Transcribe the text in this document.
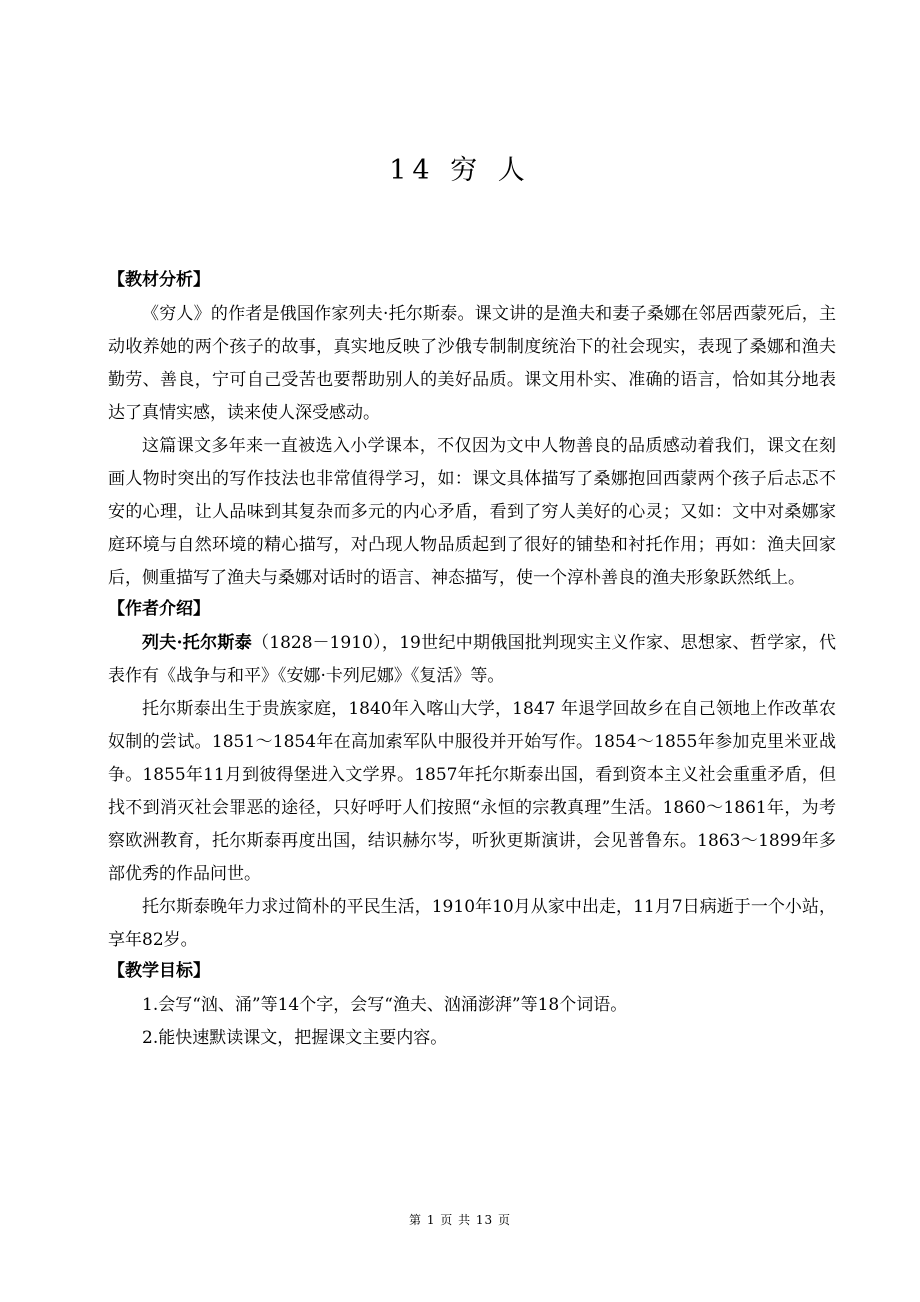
14 穷 人
【教材分析】

《穷人》的作者是俄国作家列夫·托尔斯泰。课文讲的是渔夫和妻子桑娜在邻居西蒙死后，主动收养她的两个孩子的故事，真实地反映了沙俄专制制度统治下的社会现实，表现了桑娜和渔夫勤劳、善良，宁可自己受苦也要帮助别人的美好品质。课文用朴实、准确的语言，恰如其分地表达了真情实感，读来使人深受感动。

这篇课文多年来一直被选入小学课本，不仅因为文中人物善良的品质感动着我们，课文在刻画人物时突出的写作技法也非常值得学习，如：课文具体描写了桑娜抱回西蒙两个孩子后忐忑不安的心理，让人品味到其复杂而多元的内心矛盾，看到了穷人美好的心灵；又如：文中对桑娜家庭环境与自然环境的精心描写，对凸现人物品质起到了很好的铺垫和衬托作用；再如：渔夫回家后，侧重描写了渔夫与桑娜对话时的语言、神态描写，使一个淳朴善良的渔夫形象跃然纸上。

【作者介绍】

列夫·托尔斯泰（1828－1910），19世纪中期俄国批判现实主义作家、思想家、哲学家，代表作有《战争与和平》《安娜·卡列尼娜》《复活》等。

托尔斯泰出生于贵族家庭，1840年入喀山大学，1847 年退学回故乡在自己领地上作改革农奴制的尝试。1851～1854年在高加索军队中服役并开始写作。1854～1855年参加克里米亚战争。1855年11月到彼得堡进入文学界。1857年托尔斯泰出国，看到资本主义社会重重矛盾，但找不到消灭社会罪恶的途径，只好呼吁人们按照“永恒的宗教真理”生活。1860～1861年，为考察欧洲教育，托尔斯泰再度出国，结识赫尔岑，听狄更斯演讲，会见普鲁东。1863～1899年多部优秀的作品问世。

托尔斯泰晚年力求过简朴的平民生活，1910年10月从家中出走，11月7日病逝于一个小站，享年82岁。

【教学目标】

1.会写“汹、涌”等14个字，会写“渔夫、汹涌澎湃”等18个词语。

2.能快速默读课文，把握课文主要内容。

第 1 页 共 13 页
